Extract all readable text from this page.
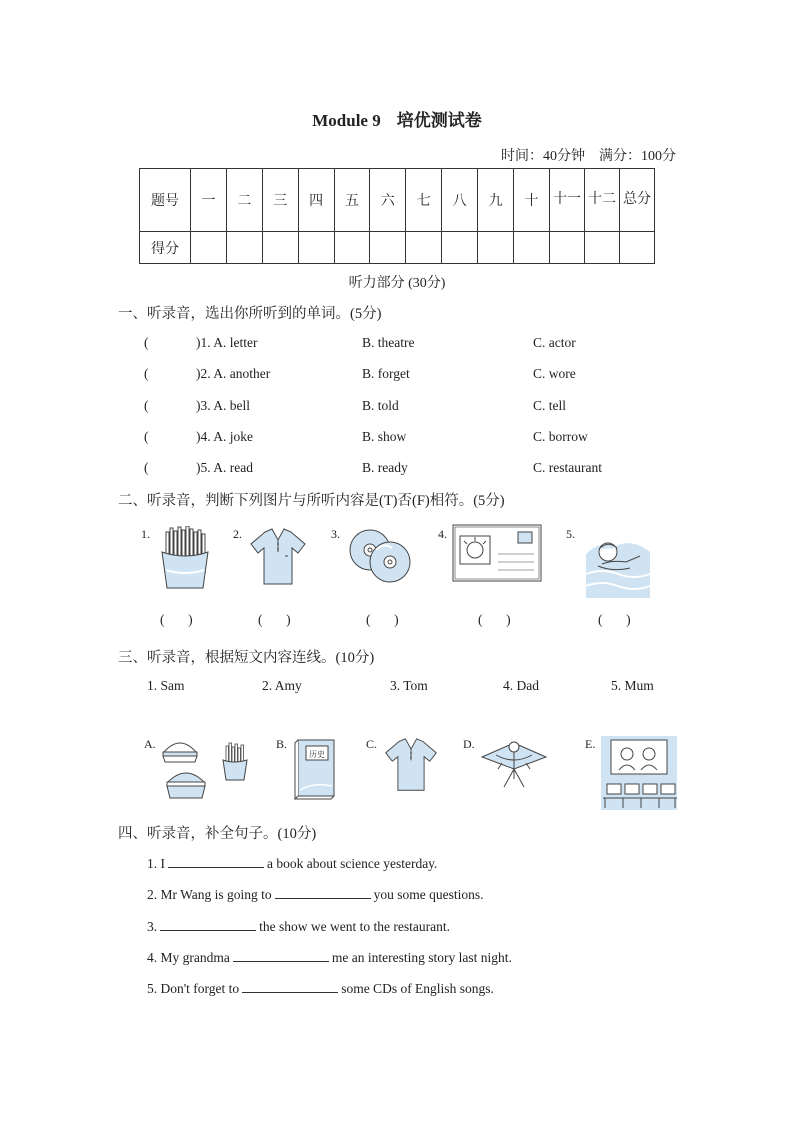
Module 9 培优测试卷
时间：40分钟 满分：100分
题号	一	二	三	四	五	六	七	八	九	十	十一	十二	总分
得分													
听力部分 (30分)
一、听录音，选出你所听到的单词。(5分)
(	)1. A. letter	B. theatre	C. actor
(	)2. A. another	B. forget	C. wore
(	)3. A. bell	B. told	C. tell
(	)4. A. joke	B. show	C. borrow
(	)5. A. read	B. ready	C. restaurant
二、听录音，判断下列图片与所听内容是(T)否(F)相符。(5分)
1.
(       )
2.
(       )
3.
(       )
4.
(       )
5.
(       )
三、听录音，根据短文内容连线。(10分)
1. Sam	2. Amy	3. Tom	4. Dad	5. Mum
A.	B.
历史
C.	D.	E.
四、听录音，补全句子。(10分)
1. I	a book about science yesterday.
2. Mr Wang is going to	you some questions.
3.	the show we went to the restaurant.
4. My grandma	me an interesting story last night.
5. Don't forget to	some CDs of English songs.
